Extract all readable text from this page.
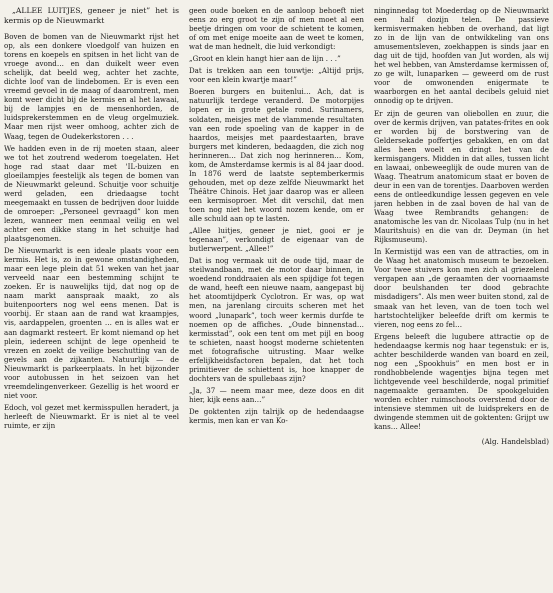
„ALLEE LUITJES, geneer je niet” het is kermis op de Nieuwmarkt

Boven de bomen van de Nieuwmarkt rijst het op, als een donkere vloedgolf van huizen en torens en koepels en spitsen in het licht van de vroege avond… en dan duikelt weer even schelijk, dat beeld weg, achter het zachte, dichte loof van de lindebomen. Er is even een vreemd gevoel in de maag of daaromtrent, men komt weer dicht bij de kermis en al het lawaai, bij de lampjes en de mensenhorden, de luidsprekerstemmen en de vleug orgelmuziek. Maar men rijst weer omhoog, achter zich de Waag, tegen de Oudekerkstoren . . .

We hadden even in de rij moeten staan, aleer we tot het zoutrend wederom toegelaten. Het hoge rad staat daar met 'IL-buizen en gloeilampjes feestelijk als tegen de bomen van de Nieuwmarkt geleund. Schuitje voor schuitje werd geladen, een driedaagse tocht meegemaakt en tussen de bedrijven door luidde de omroeper: „Personeel gevraagd” kon men lezen, wanneer men eenmaal veilig en wel achter een dikke stang in het schuitje had plaatsgenomen.

De Nieuwmarkt is een ideale plaats voor een kermis. Het is, zo in gewone omstandigheden, maar een lege plein dat 51 weken van het jaar verveeld naar een bestemming schijnt te zoeken. Er is nauwelijks tijd, dat nog op de naam markt aanspraak maakt, zo als buitenpoorters nog wel eens menen. Dat is voorbij. Er staan aan de rand wat kraampjes, vis, aardappelen, groenten … en is alles wat er aan dagmarkt resteert. Er komt niemand op het plein, iedereen schijnt de lege openheid te vrezen en zoekt de veilige beschutting van de gevels aan de zijkanten. Natuurlijk — de Nieuwmarkt is parkeerplaats. In het bijzonder voor autobussen in het seizoen van het vreemdelingenverkeer. Gezellig is het woord er niet voor.

Edoch, vol gezet met kermisspullen heradert, ja herleeft de Nieuwmarkt. Er is niet al te veel ruimte, er zijn

geen oude boeken en de aanloop behoeft niet eens zo erg groot te zijn of men moet al een beetje dringen om voor de schietent te komen, of om met enige moeite aan de weet te komen, wat de man hednelt, die luid verkondigt:

„Groot en klein hangt hier aan de lijn . . .”

Dat is trekken aan een touwtje: „Altijd prijs, voor een klein kwartje maar!”

Boeren burgers en buitenlui… Ach, dat is natuurlijk terdege veranderd. De motorpijes lopen er in grote getale rond. Surinamers, soldaten, meisjes met de vlammende resultaten van een rode spoeling van de kapper in de haardos, meisjes met paardestaarten, brave burgers met kinderen, bedaagden, die zich nog herinneren… Dat zich nog herinneren… Kom, kom, de Amsterdamse kermis is al 84 jaar dood. In 1876 werd de laatste septemberkermis gehouden, met op deze zelfde Nieuwmarkt het Théâtre Chinois. Het jaar daarop was er alleen een kermisoproer. Met dit verschil, dat men toen nog niet het woord nozem kende, om er alle schuld aan op te lasten.

„Allee luitjes, geneer je niet, gooi er je tegenaan”, verkondigt de eigenaar van de butlerwerpent. „Allee!”

Dat is nog vermaak uit de oude tijd, maar de steilwandbaan, met de motor daar binnen, in woedend ronddraaien als een spijdige fot tegen de wand, heeft een nieuwe naam, aangepast bij het atoomtijdperk Cyclotron. Er was, op wat men, na jarenlang circuits scheren met het woord „lunapark”, toch weer kermis durfde te noemen op de affiches. „Oude binnenstad… kermisstad”, ook een tent om met pijl en boog te schieten, naast hoogst moderne schietenten met fotografische uitrusting. Maar welke erfelijkheidsfactoren bepalen, dat het toch primitiever de schiettent is, hoe knapper de dochters van de spullebaas zijn?

„Ja, 37 — neem maar mee, deze doos en dit hier, kijk eens aan…”

De goktenten zijn talrijk op de hedendaagse kermis, men kan er van Ko-

ninginnedag tot Moederdag op de Nieuwmarkt een half dozijn telen. De passieve kermisvermaken hebben de overhand, dat ligt zo in de lijn van de ontwikkeling van ons amusementsleven, zoekhappen is sinds jaar en dag uit de tijd, hoofden van Jut worden, als wij het wel hebben, van Amsterdamse kermissen of, zo ge wilt, lunaparken — geweerd om de rust voor de omwonenden enigermate te waarborgen en het aantal decibels geluid niet onnodig op te drijven.

Er zijn de geuren van oliebollen en zuur, die over de kermis drijven, van patates-frites en ook er worden bij de borstwering van de Geldersekade poffertjes gebakken, en om dat alles heen woelt en dringt het van de kermisgangers. Midden in dat alles, tussen licht en lawaai, onbeweeglijk de oude muren van de Waag. Theatrum anatomicum staat er boven de deur in een van de torentjes. Daarboven werden eens de ontleedkundige lessen gegeven en vele jaren hebben in de zaal boven de hal van de Waag twee Rembrandts gehangen: de anatomische les van dr. Nicolaas Tulp (nu in het Mauritshuis) en die van dr. Deyman (in het Rijksmuseum).

In Kermistijd was een van de attracties, om in de Waag het anatomisch museum te bezoeken. Voor twee stuivers kon men zich al griezelend vergapen aan „de geraamten der voornaamste door beulshanden ter dood gebrachte misdadigers”. Als men weer buiten stond, zal de smaak van het leven, van de toen toch wel hartstochtelijker beleefde drift om kermis te vieren, nog eens zo fel…

Ergens beleeft die lugubere attractie op de hedendaagse kermis nog haar tegenstuk: er is, achter beschilderde wanden van board en zeil, nog een „Spookhuis” en men bost er in rondhobbelende wagentjes bijna tegen met lichtgevende veel beschilderde, nogal primitief nagemaakte geraamten. De spookgeluiden worden echter ruimschoots overstemd door de intensieve stemmen uit de luidsprekers en de dwingende stemmen uit de goktenten: Grijpt uw kans… Allee!

(Alg. Handelsblad)
